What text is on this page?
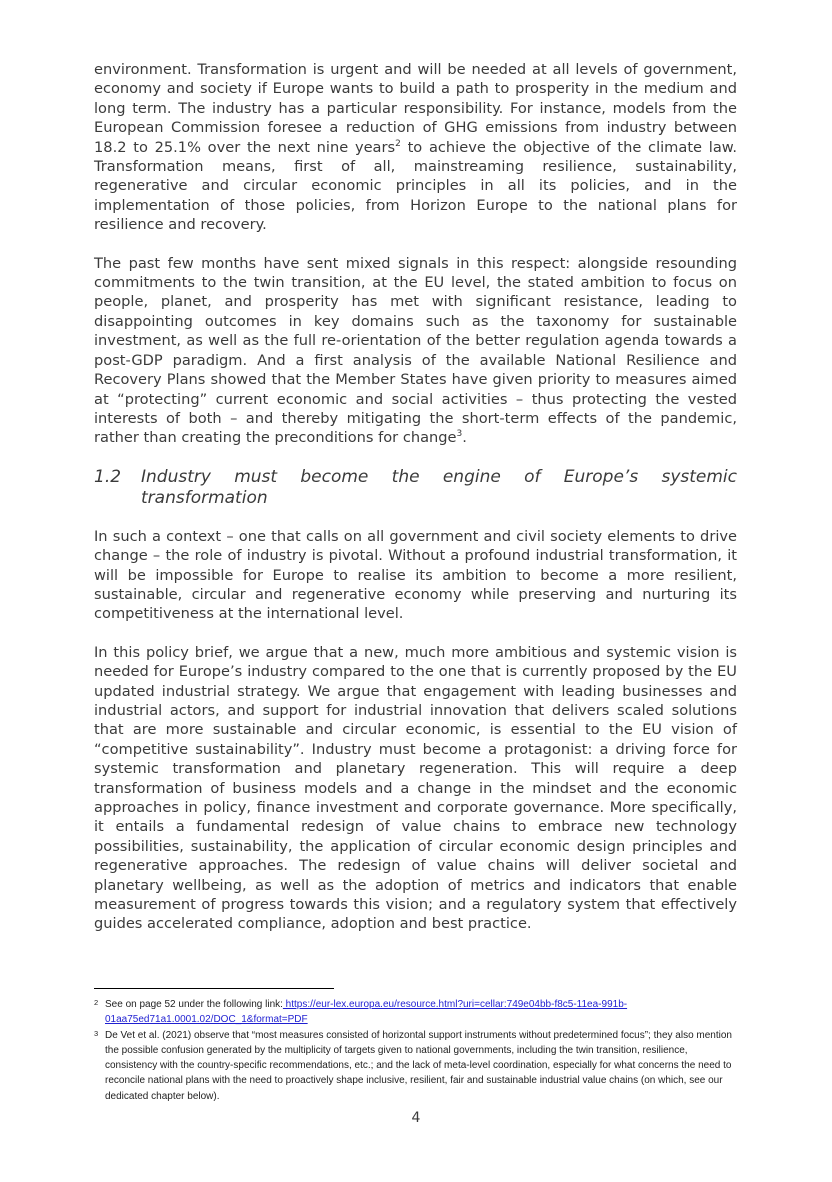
environment. Transformation is urgent and will be needed at all levels of government, economy and society if Europe wants to build a path to prosperity in the medium and long term. The industry has a particular responsibility. For instance, models from the European Commission foresee a reduction of GHG emissions from industry between 18.2 to 25.1% over the next nine years$^2$ to achieve the objective of the climate law. Transformation means, first of all, mainstreaming resilience, sustainability, regenerative and circular economic principles in all its policies, and in the implementation of those policies, from Horizon Europe to the national plans for resilience and recovery.

The past few months have sent mixed signals in this respect: alongside resounding commitments to the twin transition, at the EU level, the stated ambition to focus on people, planet, and prosperity has met with significant resistance, leading to disappointing outcomes in key domains such as the taxonomy for sustainable investment, as well as the full re-orientation of the better regulation agenda towards a post-GDP paradigm. And a first analysis of the available National Resilience and Recovery Plans showed that the Member States have given priority to measures aimed at “protecting” current economic and social activities – thus protecting the vested interests of both – and thereby mitigating the short-term effects of the pandemic, rather than creating the preconditions for change$^3$.

1.2	Industry must become the engine of Europe’s systemic transformation

In such a context – one that calls on all government and civil society elements to drive change – the role of industry is pivotal. Without a profound industrial transformation, it will be impossible for Europe to realise its ambition to become a more resilient, sustainable, circular and regenerative economy while preserving and nurturing its competitiveness at the international level.

In this policy brief, we argue that a new, much more ambitious and systemic vision is needed for Europe’s industry compared to the one that is currently proposed by the EU updated industrial strategy. We argue that engagement with leading businesses and industrial actors, and support for industrial innovation that delivers scaled solutions that are more sustainable and circular economic, is essential to the EU vision of “competitive sustainability”. Industry must become a protagonist: a driving force for systemic transformation and planetary regeneration. This will require a deep transformation of business models and a change in the mindset and the economic approaches in policy, finance investment and corporate governance. More specifically, it entails a fundamental redesign of value chains to embrace new technology possibilities, sustainability, the application of circular economic design principles and regenerative approaches. The redesign of value chains will deliver societal and planetary wellbeing, as well as the adoption of metrics and indicators that enable measurement of progress towards this vision; and a regulatory system that effectively guides accelerated compliance, adoption and best practice.

2 See on page 52 under the following link: https://eur-lex.europa.eu/resource.html?uri=cellar:749e04bb-f8c5-11ea-991b-01aa75ed71a1.0001.02/DOC_1&format=PDF
3 De Vet et al. (2021) observe that “most measures consisted of horizontal support instruments without predetermined focus”; they also mention the possible confusion generated by the multiplicity of targets given to national governments, including the twin transition, resilience, consistency with the country-specific recommendations, etc.; and the lack of meta-level coordination, especially for what concerns the need to reconcile national plans with the need to proactively shape inclusive, resilient, fair and sustainable industrial value chains (on which, see our dedicated chapter below).
4
